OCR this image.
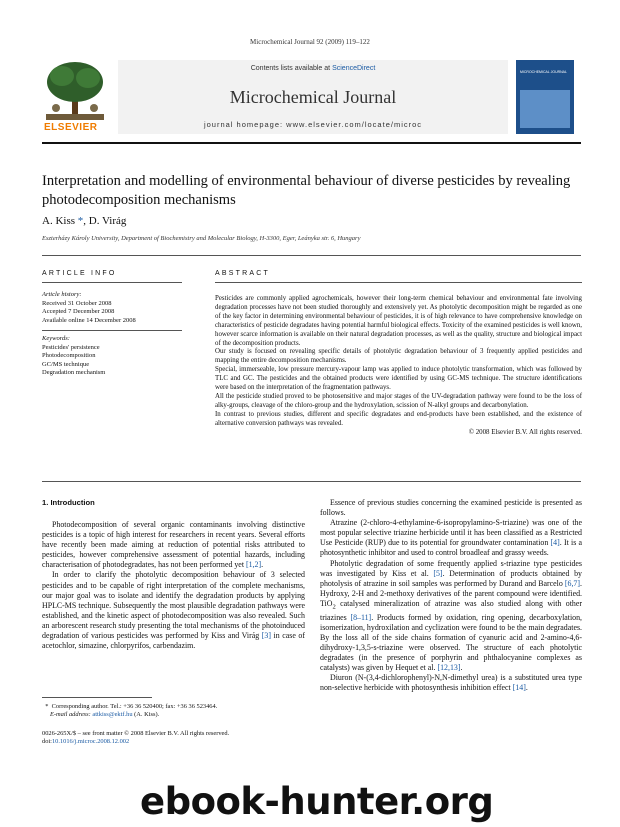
Microchemical Journal 92 (2009) 119–122
ELSEVIER
Contents lists available at ScienceDirect
Microchemical Journal
journal homepage: www.elsevier.com/locate/microc
MICROCHEMICAL JOURNAL
Interpretation and modelling of environmental behaviour of diverse pesticides by revealing photodecomposition mechanisms
A. Kiss *, D. Virág
Eszterházy Károly University, Department of Biochemistry and Molecular Biology, H-3300, Eger, Leányka str. 6, Hungary
ARTICLE INFO	ABSTRACT
Article history:
Received 31 October 2008
Accepted 7 December 2008
Available online 14 December 2008
Keywords:
Pesticides' persistence
Photodecomposition
GC/MS technique
Degradation mechanism

Pesticides are commonly applied agrochemicals, however their long-term chemical behaviour and environmental fate involving degradation processes have not been studied thoroughly and extensively yet. As photolytic decomposition might be regarded as one of the key factor in determining environmental behaviour of pesticides, it is of high relevance to have comprehensive knowledge on characteristics of pesticide degradates having potential harmful biological effects. Toxicity of the examined pesticides is well known, however scarce information is available on their natural degradation processes, as well as the quality, structure and biological impact of the decomposition products.

Our study is focused on revealing specific details of photolytic degradation behaviour of 3 frequently applied pesticides and mapping the entire decomposition mechanisms.

Special, immerseable, low pressure mercury-vapour lamp was applied to induce photolytic transformation, which was followed by TLC and GC. The pesticides and the obtained products were identified by using GC-MS technique. The structure identifications were based on the interpretation of the fragmentation pathways.

All the pesticide studied proved to be photosensitive and major stages of the UV-degradation pathway were found to be the loss of alky-groups, cleavage of the chloro-group and the hydroxylation, scission of N-alkyl groups and decarbonylation.

In contrast to previous studies, different and specific degradates and end-products have been established, and the existence of alternative conversion pathways was revealed.

© 2008 Elsevier B.V. All rights reserved.

1. Introduction

Photodecomposition of several organic contaminants involving distinctive pesticides is a topic of high interest for researchers in recent years. Several efforts have recently been made aiming at reduction of potential risks attributed to pesticides, however comprehensive assessment of potential hazards, including characterisation of photodegradates, has not been performed yet [1,2].

In order to clarify the photolytic decomposition behaviour of 3 selected pesticides and to be capable of right interpretation of the complete mechanisms, our major goal was to isolate and identify the degradation products by applying HPLC-MS technique. Subsequently the most plausible degradation pathways were established, and the kinetic aspect of photodecomposition was also revealed. Such an arborescent research study presenting the total mechanisms of the photoinduced degradation of various pesticides was performed by Kiss and Virág [3] in case of acetochlor, simazine, chlorpyrifos, carbendazim.

Essence of previous studies concerning the examined pesticide is presented as follows.

Atrazine (2-chloro-4-ethylamine-6-isopropylamino-S-triazine) was one of the most popular selective triazine herbicide until it has been classified as a Restricted Use Pesticide (RUP) due to its potential for groundwater contamination [4]. It is a photosynthetic inhibitor and used to control broadleaf and grassy weeds.

Photolytic degradation of some frequently applied s-triazine type pesticides was investigated by Kiss et al. [5]. Determination of products obtained by photolysis of atrazine in soil samples was performed by Durand and Barcelo [6,7]. Hydroxy, 2-H and 2-methoxy derivatives of the parent compound were identified. TiO$_2$ catalysed mineralization of atrazine was also studied along with other triazines [8–11]. Products formed by oxidation, ring opening, decarboxylation, isomerization, hydroxilation and cyclization were found to be the main degradates. By the loss all of the side chains formation of cyanuric acid and 2-amino-4,6-dihydroxy-1,3,5-s-triazine were observed. The structure of each photolytic degradates (in the presence of porphyrin and phthalocyanine complexes as catalysts) was given by Hequet et al. [12,13].

Diuron (N-(3,4-dichlorophenyl)-N,N-dimethyl urea) is a substituted urea type non-selective herbicide with photosynthesis inhibition effect [14].

* Corresponding author. Tel.: +36 36 520400; fax: +36 36 523464.
E-mail address: attkiss@ektf.hu (A. Kiss).
0026-265X/$ – see front matter © 2008 Elsevier B.V. All rights reserved.
doi:10.1016/j.microc.2008.12.002
ebook-hunter.org
